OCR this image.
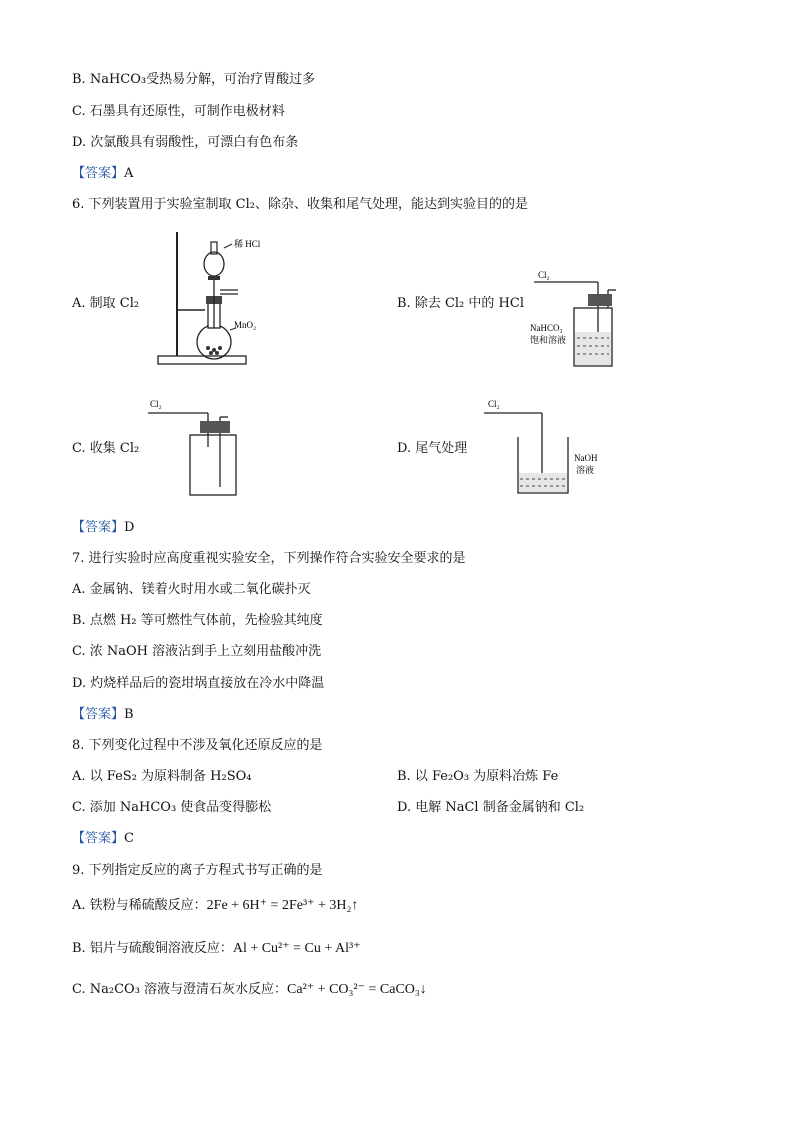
B. NaHCO₃受热易分解，可治疗胃酸过多
C. 石墨具有还原性，可制作电极材料
D. 次氯酸具有弱酸性，可漂白有色布条
【答案】A
6. 下列装置用于实验室制取 Cl₂、除杂、收集和尾气处理，能达到实验目的的是
A. 制取 Cl₂	B. 除去 Cl₂ 中的 HCl
C. 收集 Cl₂	D. 尾气处理
稀 HCl
MnO₂
Cl₂
NaHCO₃
饱和溶液
Cl₂	Cl₂
NaOH
溶液
【答案】D
7. 进行实验时应高度重视实验安全，下列操作符合实验安全要求的是
A. 金属钠、镁着火时用水或二氧化碳扑灭
B. 点燃 H₂ 等可燃性气体前，先检验其纯度
C. 浓 NaOH 溶液沾到手上立刻用盐酸冲洗
D. 灼烧样品后的瓷坩埚直接放在冷水中降温
【答案】B
8. 下列变化过程中不涉及氧化还原反应的是
A. 以 FeS₂ 为原料制备 H₂SO₄	B. 以 Fe₂O₃ 为原料冶炼 Fe
C. 添加 NaHCO₃ 使食品变得膨松	D. 电解 NaCl 制备金属钠和 Cl₂
【答案】C
9. 下列指定反应的离子方程式书写正确的是
A. 铁粉与稀硫酸反应：2Fe + 6H⁺ = 2Fe³⁺ + 3H₂↑
B. 铝片与硫酸铜溶液反应：Al + Cu²⁺ = Cu + Al³⁺
C. Na₂CO₃ 溶液与澄清石灰水反应：Ca²⁺ + CO₃²⁻ = CaCO₃↓
